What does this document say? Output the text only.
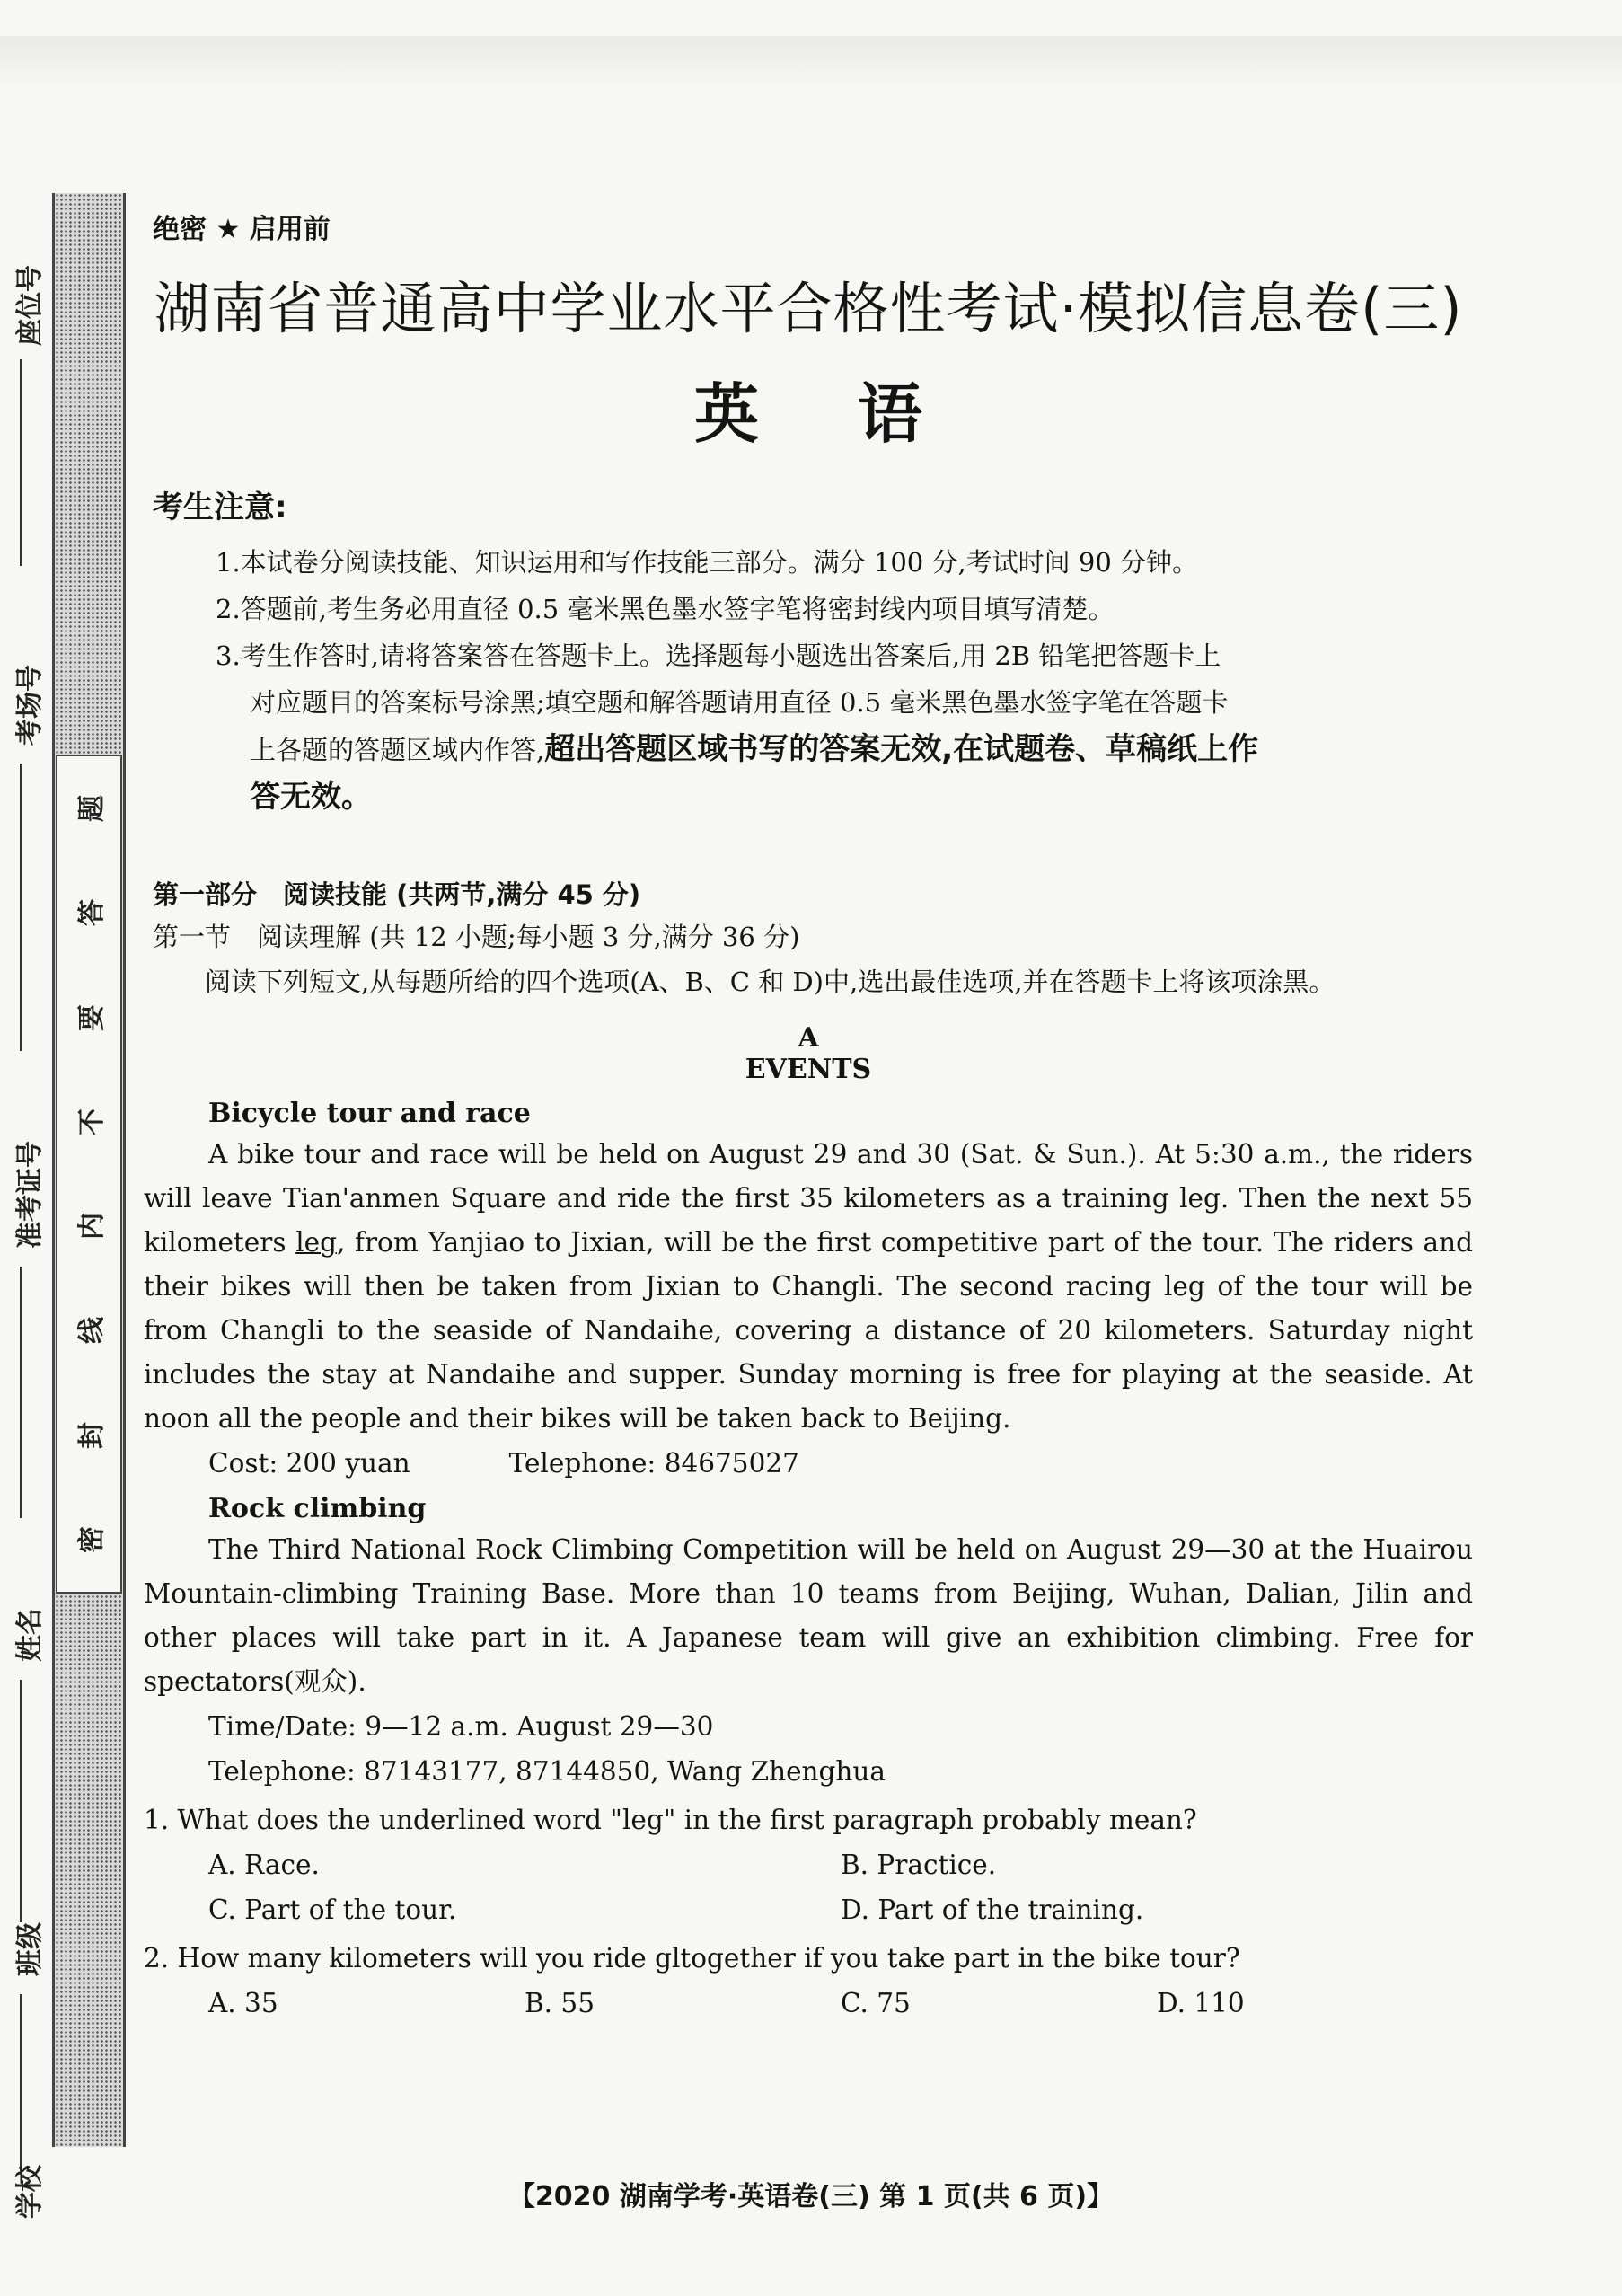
座位号
考场号
准考证号
姓名
班级
学校
题
答
要
不
内
线
封
密
绝密 ★ 启用前
湖南省普通高中学业水平合格性考试·模拟信息卷(三)
英语
考生注意:

1.本试卷分阅读技能、知识运用和写作技能三部分。满分 100 分,考试时间 90 分钟。

2.答题前,考生务必用直径 0.5 毫米黑色墨水签字笔将密封线内项目填写清楚。

3.考生作答时,请将答案答在答题卡上。选择题每小题选出答案后,用 2B 铅笔把答题卡上

对应题目的答案标号涂黑;填空题和解答题请用直径 0.5 毫米黑色墨水签字笔在答题卡

上各题的答题区域内作答,超出答题区域书写的答案无效,在试题卷、草稿纸上作

答无效。

第一部分　阅读技能 (共两节,满分 45 分)
第一节　阅读理解 (共 12 小题;每小题 3 分,满分 36 分)
阅读下列短文,从每题所给的四个选项(A、B、C 和 D)中,选出最佳选项,并在答题卡上将该项涂黑。
A
EVENTS
Bicycle tour and race

A bike tour and race will be held on August 29 and 30 (Sat. & Sun.). At 5:30 a.m., the riders will leave Tian'anmen Square and ride the first 35 kilometers as a training leg. Then the next 55 kilometers leg, from Yanjiao to Jixian, will be the first competitive part of the tour. The riders and their bikes will then be taken from Jixian to Changli. The second racing leg of the tour will be from Changli to the seaside of Nandaihe, covering a distance of 20 kilometers. Saturday night includes the stay at Nandaihe and supper. Sunday morning is free for playing at the seaside. At noon all the people and their bikes will be taken back to Beijing.

Cost: 200 yuan	Telephone: 84675027
Rock climbing

The Third National Rock Climbing Competition will be held on August 29—30 at the Huairou Mountain-climbing Training Base. More than 10 teams from Beijing, Wuhan, Dalian, Jilin and other places will take part in it. A Japanese team will give an exhibition climbing. Free for spectators(观众).

Time/Date: 9—12 a.m. August 29—30
Telephone: 87143177, 87144850, Wang Zhenghua
1. What does the underlined word "leg" in the first paragraph probably mean?
A. Race.	B. Practice.
C. Part of the tour.	D. Part of the training.
2. How many kilometers will you ride gltogether if you take part in the bike tour?
A. 35	B. 55	C. 75	D. 110
【2020 湖南学考·英语卷(三) 第 1 页(共 6 页)】
